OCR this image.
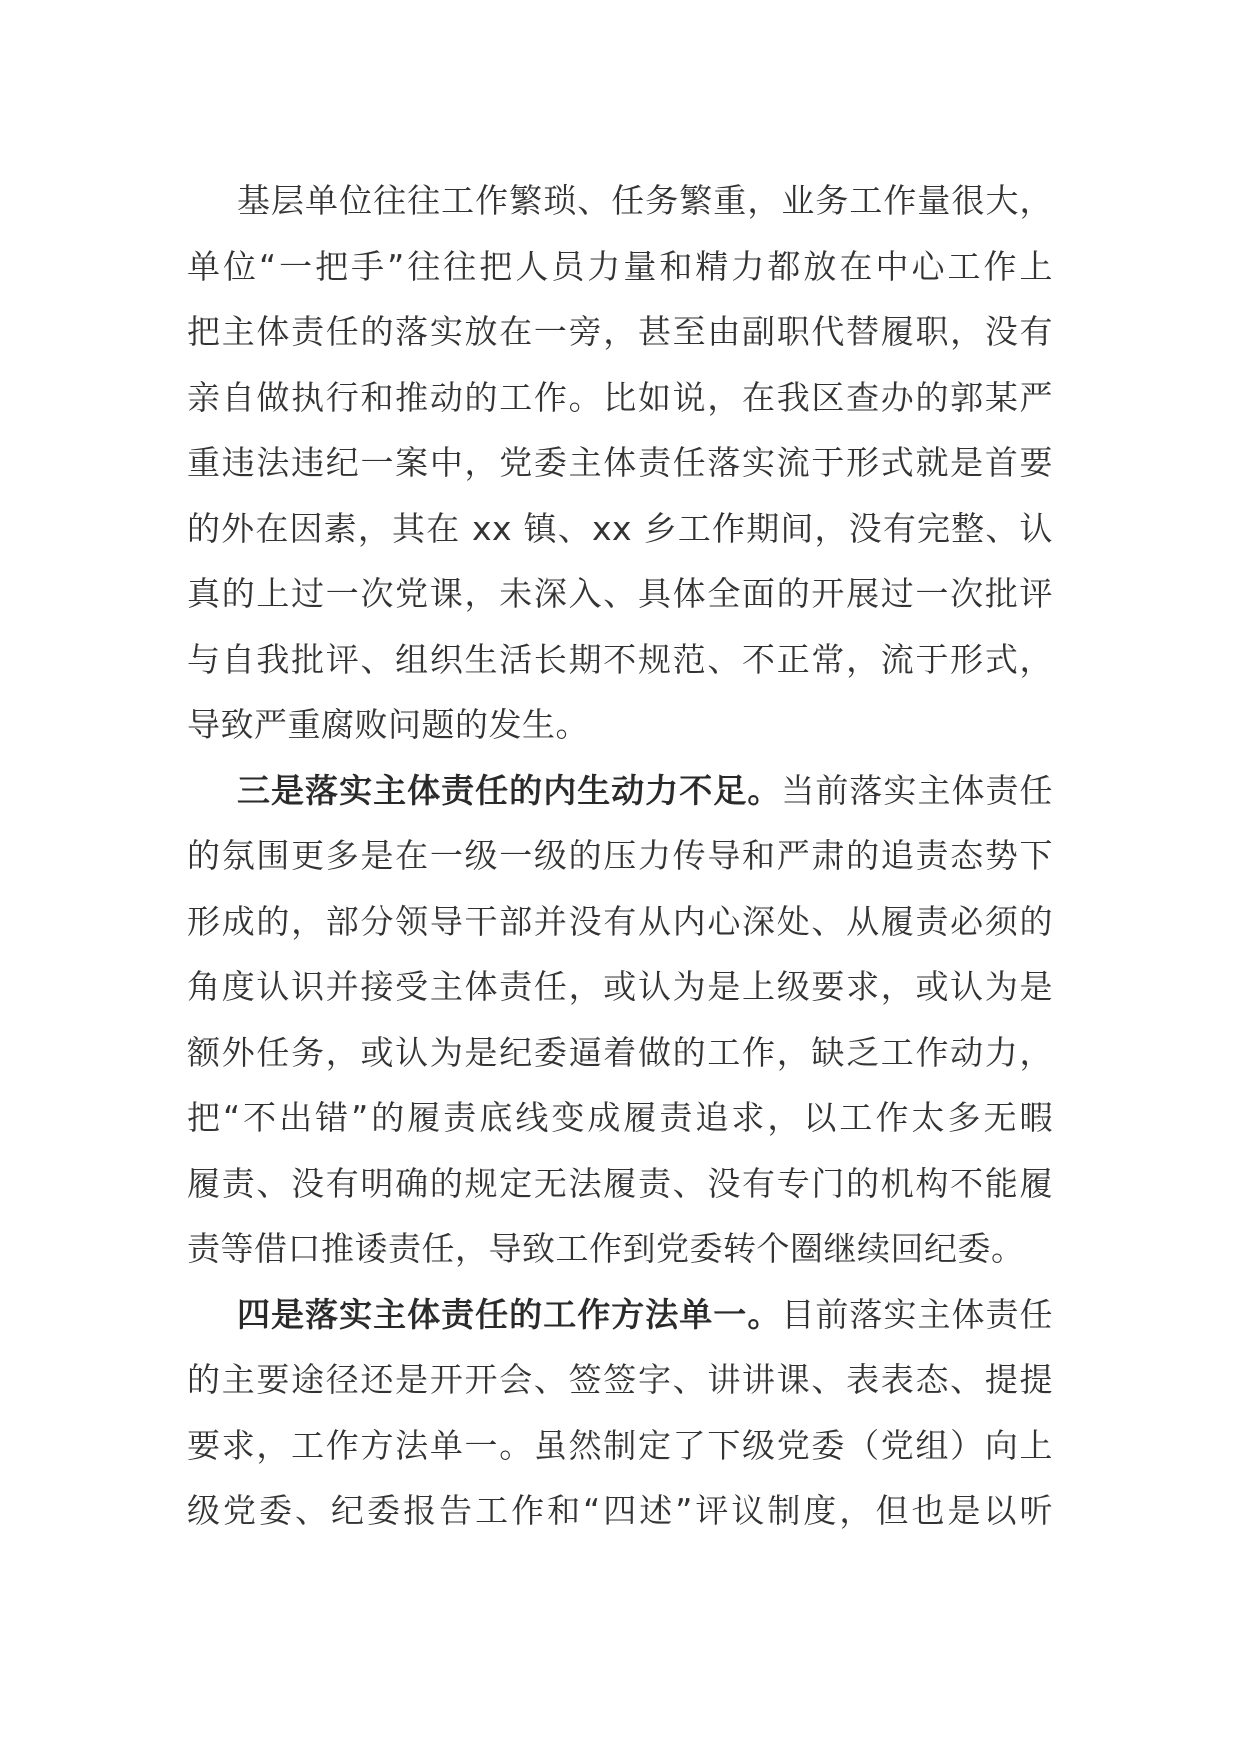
基层单位往往工作繁琐、任务繁重，业务工作量很大，
单位“一把手”往往把人员力量和精力都放在中心工作上
把主体责任的落实放在一旁，甚至由副职代替履职，没有
亲自做执行和推动的工作。比如说，在我区查办的郭某严
重违法违纪一案中，党委主体责任落实流于形式就是首要
的外在因素，其在 xx 镇、xx 乡工作期间，没有完整、认
真的上过一次党课，未深入、具体全面的开展过一次批评
与自我批评、组织生活长期不规范、不正常，流于形式，
导致严重腐败问题的发生。
三是落实主体责任的内生动力不足。当前落实主体责任
的氛围更多是在一级一级的压力传导和严肃的追责态势下
形成的，部分领导干部并没有从内心深处、从履责必须的
角度认识并接受主体责任，或认为是上级要求，或认为是
额外任务，或认为是纪委逼着做的工作，缺乏工作动力，
把“不出错”的履责底线变成履责追求，以工作太多无暇
履责、没有明确的规定无法履责、没有专门的机构不能履
责等借口推诿责任，导致工作到党委转个圈继续回纪委。
四是落实主体责任的工作方法单一。目前落实主体责任
的主要途径还是开开会、签签字、讲讲课、表表态、提提
要求，工作方法单一。虽然制定了下级党委（党组）向上
级党委、纪委报告工作和“四述”评议制度，但也是以听
